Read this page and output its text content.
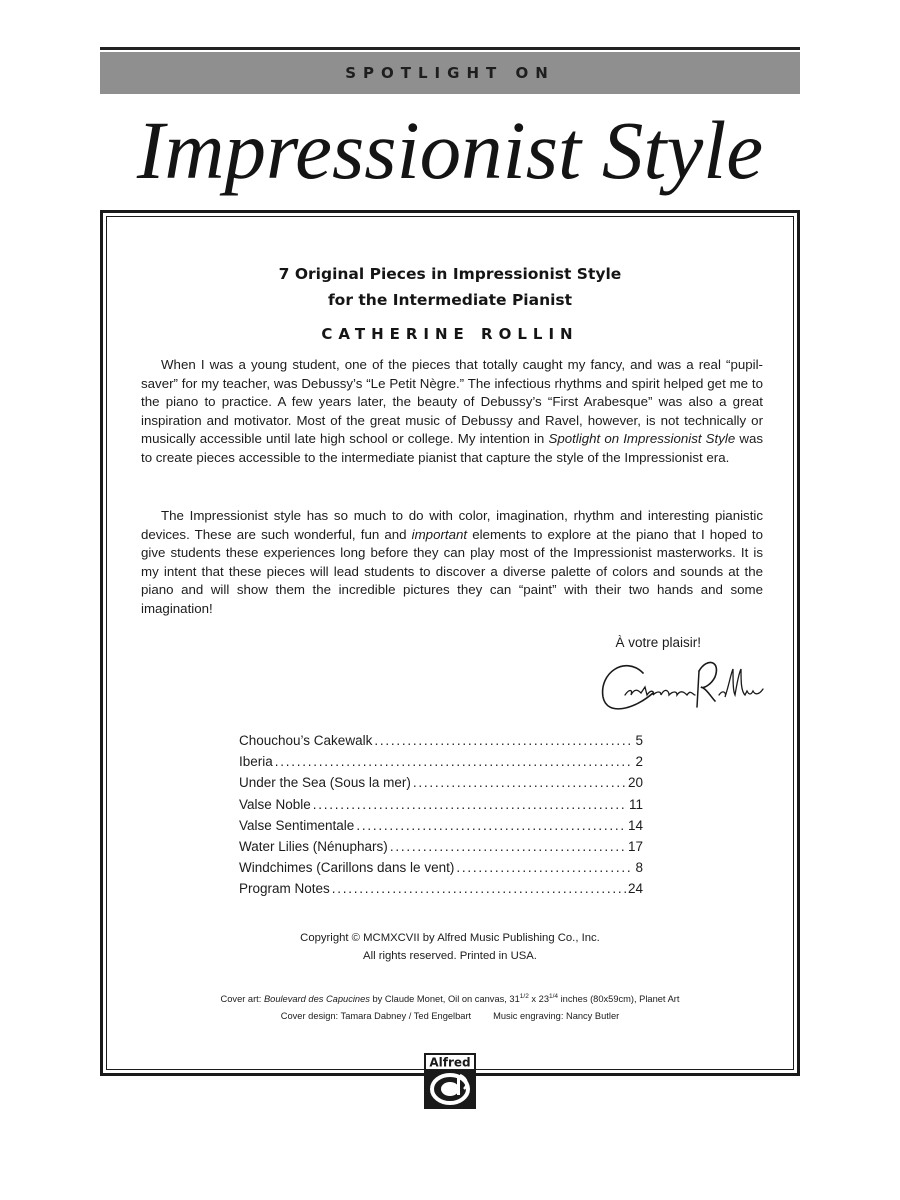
SPOTLIGHT ON
Impressionist Style
7 Original Pieces in Impressionist Style
for the Intermediate Pianist
CATHERINE ROLLIN
When I was a young student, one of the pieces that totally caught my fancy, and was a real “pupil-saver” for my teacher, was Debussy’s “Le Petit Nègre.” The infectious rhythms and spirit helped get me to the piano to practice. A few years later, the beauty of Debussy’s “First Arabesque” was also a great inspiration and motivator. Most of the great music of Debussy and Ravel, however, is not technically or musically accessible until late high school or college. My intention in Spotlight on Impressionist Style was to create pieces accessible to the intermediate pianist that capture the style of the Impressionist era.
The Impressionist style has so much to do with color, imagination, rhythm and interesting pianistic devices. These are such wonderful, fun and important elements to explore at the piano that I hoped to give students these experiences long before they can play most of the Impressionist masterworks. It is my intent that these pieces will lead students to discover a diverse palette of colors and sounds at the piano and will show them the incredible pictures they can “paint” with their two hands and some imagination!
À votre plaisir!
Chouchou’s Cakewalk . . .	5
Iberia . . .	2
Under the Sea (Sous la mer) . . .	20
Valse Noble . . .	11
Valse Sentimentale . . .	14
Water Lilies (Nénuphars) . . .	17
Windchimes (Carillons dans le vent) . . .	8
Program Notes . . .	24
Copyright © MCMXCVII by Alfred Music Publishing Co., Inc.
All rights reserved. Printed in USA.
Cover art: Boulevard des Capucines by Claude Monet, Oil on canvas, $31^{1/2}$ x $23^{1/4}$ inches (80x59cm), Planet Art
Cover design: Tamara Dabney / Ted Engelbart Music engraving: Nancy Butler
Alfred
